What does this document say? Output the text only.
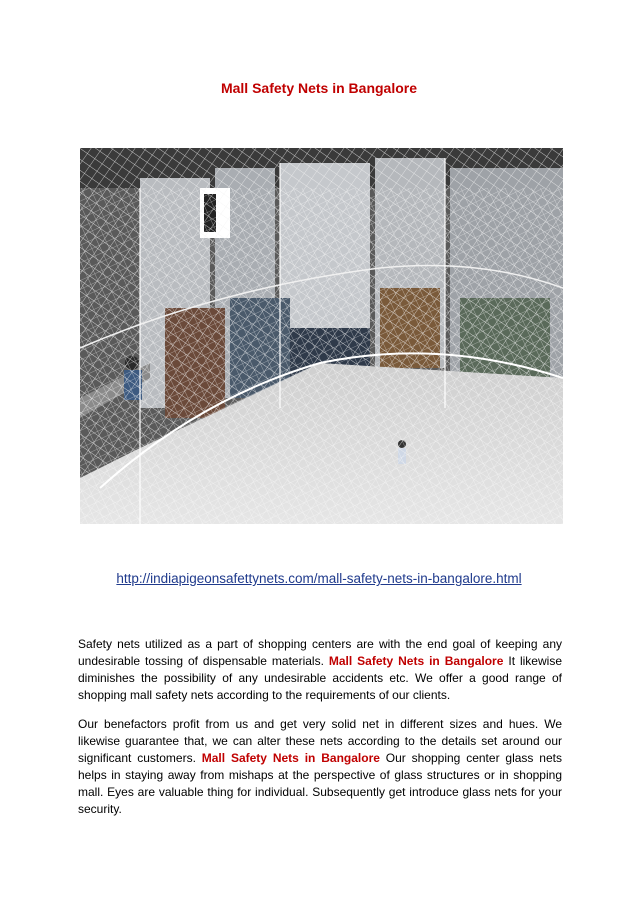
Mall Safety Nets in Bangalore
http://indiapigeonsafettynets.com/mall-safety-nets-in-bangalore.html

Safety nets utilized as a part of shopping centers are with the end goal of keeping any undesirable tossing of dispensable materials. Mall Safety Nets in Bangalore It likewise diminishes the possibility of any undesirable accidents etc. We offer a good range of shopping mall safety nets according to the requirements of our clients.

Our benefactors profit from us and get very solid net in different sizes and hues. We likewise guarantee that, we can alter these nets according to the details set around our significant customers. Mall Safety Nets in Bangalore Our shopping center glass nets helps in staying away from mishaps at the perspective of glass structures or in shopping mall. Eyes are valuable thing for individual. Subsequently get introduce glass nets for your security.
